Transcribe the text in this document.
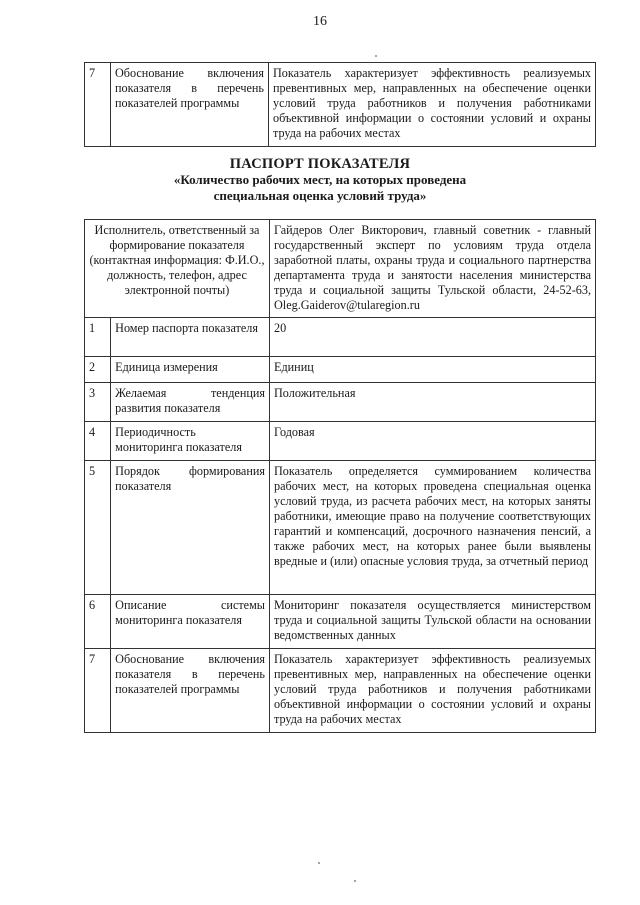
16
7	Обоснование включения показателя в перечень показателей программы	Показатель характеризует эффективность реализуемых превентивных мер, направленных на обеспечение оценки условий труда работников и получения работниками объективной информации о состоянии условий и охраны труда на рабочих местах
ПАСПОРТ ПОКАЗАТЕЛЯ
«Количество рабочих мест, на которых проведена
специальная оценка условий труда»
Исполнитель, ответственный за формирование показателя (контактная информация: Ф.И.О., должность, телефон, адрес электронной почты)		Гайдеров Олег Викторович, главный советник - главный государственный эксперт по условиям труда отдела заработной платы, охраны труда и социального партнерства департамента труда и занятости населения министерства труда и социальной защиты Тульской области, 24-52-63, Oleg.Gaiderov@tularegion.ru
1	Номер паспорта показателя	20
2	Единица измерения	Единиц
3	Желаемая тенденция развития показателя	Положительная
4	Периодичность мониторинга показателя	Годовая
5	Порядок формирования показателя	Показатель определяется суммированием количества рабочих мест, на которых проведена специальная оценка условий труда, из расчета рабочих мест, на которых заняты работники, имеющие право на получение соответствующих гарантий и компенсаций, досрочного назначения пенсий, а также рабочих мест, на которых ранее были выявлены вредные и (или) опасные условия труда, за отчетный период
6	Описание системы мониторинга показателя	Мониторинг показателя осуществляется министерством труда и социальной защиты Тульской области на основании ведомственных данных
7	Обоснование включения показателя в перечень показателей программы	Показатель характеризует эффективность реализуемых превентивных мер, направленных на обеспечение оценки условий труда работников и получения работниками объективной информации о состоянии условий и охраны труда на рабочих местах
